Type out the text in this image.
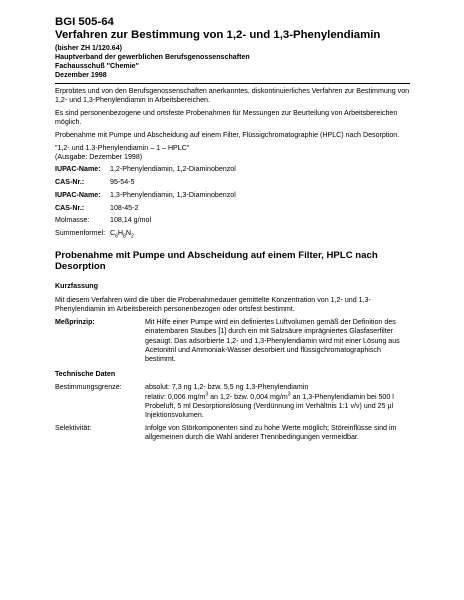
BGI 505-64
Verfahren zur Bestimmung von 1,2- und 1,3-Phenylendiamin
(bisher ZH 1/120.64)
Hauptverband der gewerblichen Berufsgenossenschaften
Fachausschuß "Chemie"
Dezember 1998

Erprobtes und von den Berufsgenossenschaften anerkanntes, diskontinuierliches Verfahren zur Bestimmung von 1,2- und 1,3-Phenylendiamin in Arbeitsbereichen.

Es sind personenbezogene und ortsfeste Probenahmen für Messungen zur Beurteilung von Arbeitsbereichen möglich.

Probenahme mit Pumpe und Abscheidung auf einem Filter, Flüssigchromatographie (HPLC) nach Desorption.

"1,2- und 1.3-Phenylendiamin – 1 – HPLC"

(Ausgabe: Dezember 1998)

IUPAC-Name:	1,2-Phenylendiamin, 1,2-Diaminobenzol
CAS-Nr.:	95-54-5
IUPAC-Name:	1,3-Phenylendiamin, 1,3-Diaminobenzol
CAS-Nr.:	108-45-2
Molmasse:	108,14 g/mol
Summenformel:	$C_6H_8N_2$
Probenahme mit Pumpe und Abscheidung auf einem Filter, HPLC nach Desorption
Kurzfassung
Mit diesem Verfahren wird die über die Probenahmedauer gemittelte Konzentration von 1,2- und 1,3-Phenylendiamin im Arbeitsbereich personenbezogen oder ortsfest bestimmt.
Meßprinzip:	Mit Hilfe einer Pumpe wird ein definiertes Luftvolumen gemäß der Definition des einatembaren Staubes [1] durch ein mit Salzsäure imprägniertes Glasfaserfilter gesaugt. Das adsorbierte 1,2- und 1,3-Phenylendiamin wird mit einer Lösung aus Acetonitril und Ammoniak-Wasser desorbiert und flüssigchromatographisch bestimmt.
Technische Daten
Bestimmungsgrenze:	absolut: 7,3 ng 1,2- bzw. 5,5 ng 1,3-Phenylendiamin
relativ: 0,006 $mg/m^3$ an 1,2- bzw. 0,004 $mg/m^3$ an 1,3-Phenylendiamin bei 500 l Probeluft, 5 ml Desorptionslösung (Verdünnung im Verhältnis 1:1 v/v) und 25 µl Injektionsvolumen.

Selektivität:	Infolge von Störkomponenten sind zu hohe Werte möglich; Störeinflüsse sind im allgemeinen durch die Wahl anderer Trennbedingungen vermeidbar.
